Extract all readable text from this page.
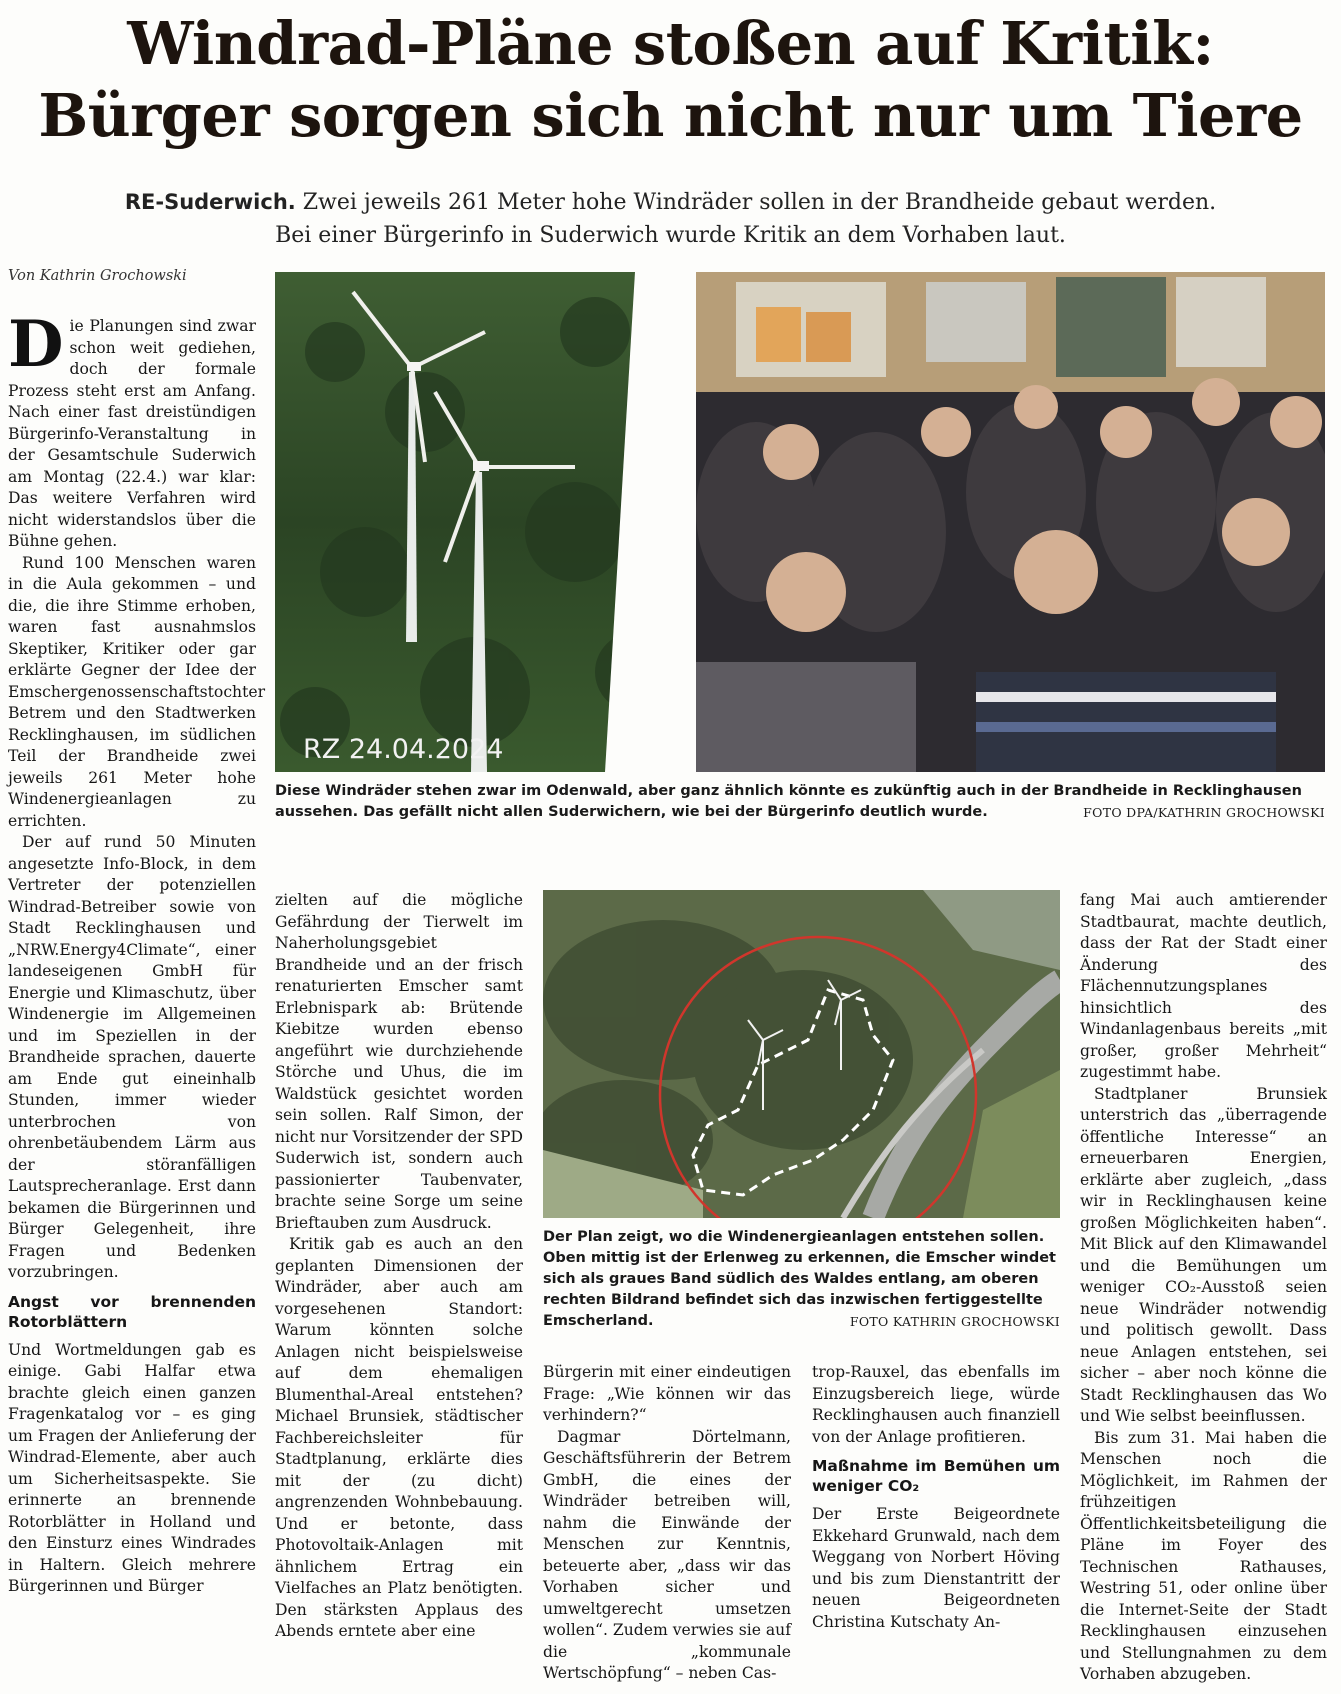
Windrad-Pläne stoßen auf Kritik:
Bürger sorgen sich nicht nur um Tiere
RE-Suderwich. Zwei jeweils 261 Meter hohe Windräder sollen in der Brandheide gebaut werden.
Bei einer Bürgerinfo in Suderwich wurde Kritik an dem Vorhaben laut.
Von Kathrin Grochowski
RZ 24.04.2024
Diese Windräder stehen zwar im Odenwald, aber ganz ähnlich könnte es zukünftig auch in der Brandheide in Recklinghausen aussehen. Das gefällt nicht allen Suderwichern, wie bei der Bürgerinfo deutlich wurde.	FOTO DPA/KATHRIN GROCHOWSKI

Die Planungen sind zwar schon weit gediehen, doch der formale Prozess steht erst am Anfang. Nach einer fast dreistündigen Bürgerinfo-Veranstaltung in der Gesamtschule Suderwich am Montag (22.4.) war klar: Das weitere Verfahren wird nicht widerstandslos über die Bühne gehen.

Rund 100 Menschen waren in die Aula gekommen – und die, die ihre Stimme erhoben, waren fast ausnahmslos Skeptiker, Kritiker oder gar erklärte Gegner der Idee der Emschergenossenschaftstochter Betrem und den Stadtwerken Recklinghausen, im südlichen Teil der Brandheide zwei jeweils 261 Meter hohe Windenergieanlagen zu errichten.

Der auf rund 50 Minuten angesetzte Info-Block, in dem Vertreter der potenziellen Windrad-Betreiber sowie von Stadt Recklinghausen und „NRW.Energy4Climate“, einer landeseigenen GmbH für Energie und Klimaschutz, über Windenergie im Allgemeinen und im Speziellen in der Brandheide sprachen, dauerte am Ende gut eineinhalb Stunden, immer wieder unterbrochen von ohrenbetäubendem Lärm aus der störanfälligen Lautsprecheranlage. Erst dann bekamen die Bürgerinnen und Bürger Gelegenheit, ihre Fragen und Bedenken vorzubringen.

Angst vor brennenden Rotorblättern

Und Wortmeldungen gab es einige. Gabi Halfar etwa brachte gleich einen ganzen Fragenkatalog vor – es ging um Fragen der Anlieferung der Windrad-Elemente, aber auch um Sicherheitsaspekte. Sie erinnerte an brennende Rotorblätter in Holland und den Einsturz eines Windrades in Haltern. Gleich mehrere Bürgerinnen und Bürger

zielten auf die mögliche Gefährdung der Tierwelt im Naherholungsgebiet Brandheide und an der frisch renaturierten Emscher samt Erlebnispark ab: Brütende Kiebitze wurden ebenso angeführt wie durchziehende Störche und Uhus, die im Waldstück gesichtet worden sein sollen. Ralf Simon, der nicht nur Vorsitzender der SPD Suderwich ist, sondern auch passionierter Taubenvater, brachte seine Sorge um seine Brieftauben zum Ausdruck.

Kritik gab es auch an den geplanten Dimensionen der Windräder, aber auch am vorgesehenen Standort: Warum könnten solche Anlagen nicht beispielsweise auf dem ehemaligen Blumenthal-Areal entstehen? Michael Brunsiek, städtischer Fachbereichsleiter für Stadtplanung, erklärte dies mit der (zu dicht) angrenzenden Wohnbebauung. Und er betonte, dass Photovoltaik-Anlagen mit ähnlichem Ertrag ein Vielfaches an Platz benötigten. Den stärksten Applaus des Abends erntete aber eine

Der Plan zeigt, wo die Windenergieanlagen entstehen sollen. Oben mittig ist der Erlenweg zu erkennen, die Emscher windet sich als graues Band südlich des Waldes entlang, am oberen rechten Bildrand befindet sich das inzwischen fertiggestellte Emscherland.	FOTO KATHRIN GROCHOWSKI

Bürgerin mit einer eindeutigen Frage: „Wie können wir das verhindern?“

Dagmar Dörtelmann, Geschäftsführerin der Betrem GmbH, die eines der Windräder betreiben will, nahm die Einwände der Menschen zur Kenntnis, beteuerte aber, „dass wir das Vorhaben sicher und umweltgerecht umsetzen wollen“. Zudem verwies sie auf die „kommunale Wertschöpfung“ – neben Cas-

trop-Rauxel, das ebenfalls im Einzugsbereich liege, würde Recklinghausen auch finanziell von der Anlage profitieren.

Maßnahme im Bemühen um weniger CO₂

Der Erste Beigeordnete Ekkehard Grunwald, nach dem Weggang von Norbert Höving und bis zum Dienstantritt der neuen Beigeordneten Christina Kutschaty An-

fang Mai auch amtierender Stadtbaurat, machte deutlich, dass der Rat der Stadt einer Änderung des Flächennutzungsplanes hinsichtlich des Windanlagenbaus bereits „mit großer, großer Mehrheit“ zugestimmt habe.

Stadtplaner Brunsiek unterstrich das „überragende öffentliche Interesse“ an erneuerbaren Energien, erklärte aber zugleich, „dass wir in Recklinghausen keine großen Möglichkeiten haben“. Mit Blick auf den Klimawandel und die Bemühungen um weniger CO₂-Ausstoß seien neue Windräder notwendig und politisch gewollt. Dass neue Anlagen entstehen, sei sicher – aber noch könne die Stadt Recklinghausen das Wo und Wie selbst beeinflussen.

Bis zum 31. Mai haben die Menschen noch die Möglichkeit, im Rahmen der frühzeitigen Öffentlichkeitsbeteiligung die Pläne im Foyer des Technischen Rathauses, Westring 51, oder online über die Internet-Seite der Stadt Recklinghausen einzusehen und Stellungnahmen zu dem Vorhaben abzugeben.
